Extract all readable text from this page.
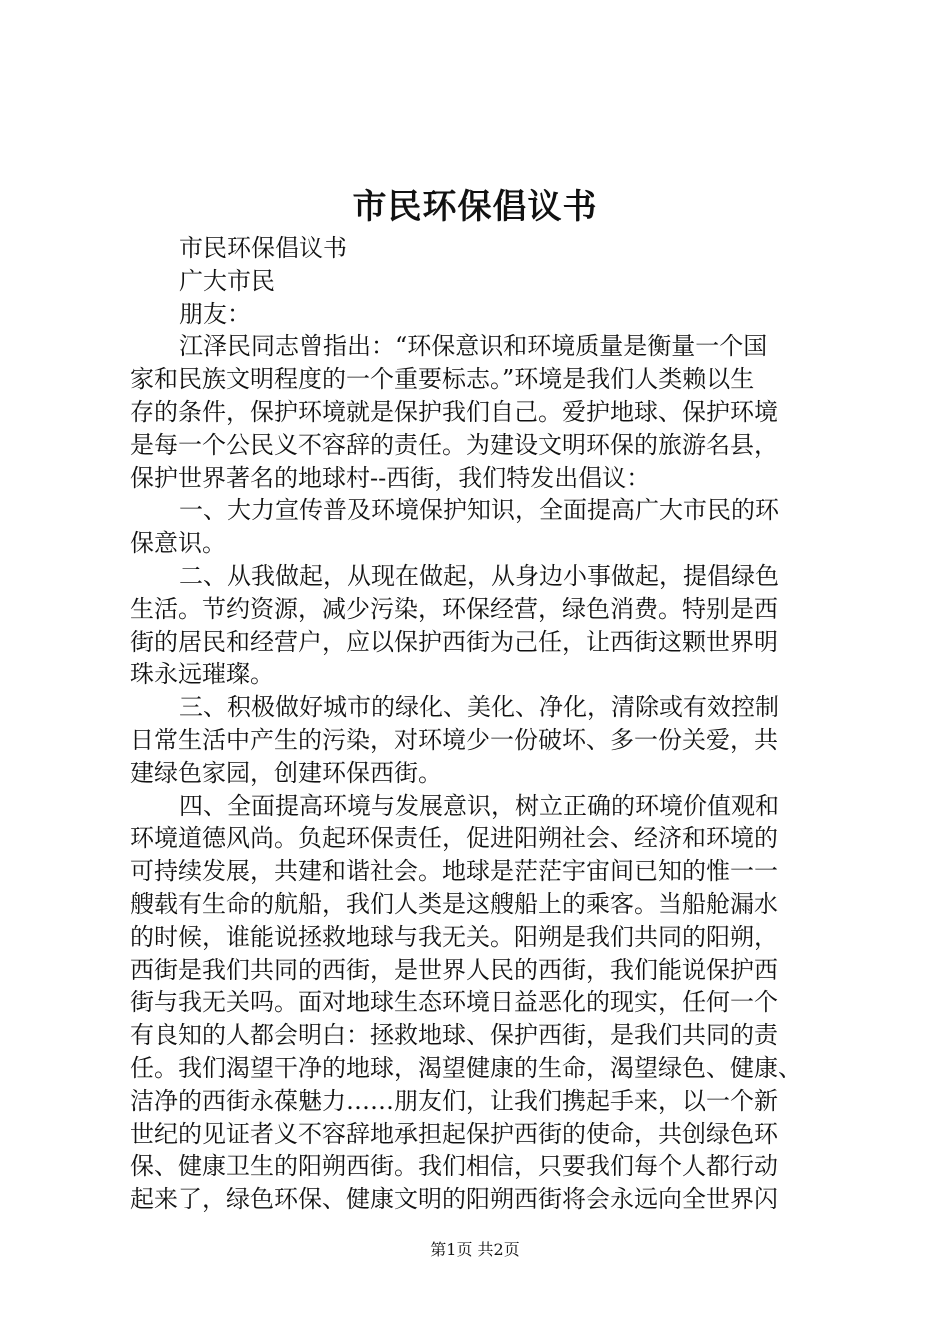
市民环保倡议书
市民环保倡议书
广大市民
朋友：
江泽民同志曾指出：“环保意识和环境质量是衡量一个国
家和民族文明程度的一个重要标志。”环境是我们人类赖以生
存的条件，保护环境就是保护我们自己。爱护地球、保护环境
是每一个公民义不容辞的责任。为建设文明环保的旅游名县，
保护世界著名的地球村--西街，我们特发出倡议：
一、大力宣传普及环境保护知识，全面提高广大市民的环
保意识。
二、从我做起，从现在做起，从身边小事做起，提倡绿色
生活。节约资源，减少污染，环保经营，绿色消费。特别是西
街的居民和经营户，应以保护西街为己任，让西街这颗世界明
珠永远璀璨。
三、积极做好城市的绿化、美化、净化，清除或有效控制
日常生活中产生的污染，对环境少一份破坏、多一份关爱，共
建绿色家园，创建环保西街。
四、全面提高环境与发展意识，树立正确的环境价值观和
环境道德风尚。负起环保责任，促进阳朔社会、经济和环境的
可持续发展，共建和谐社会。地球是茫茫宇宙间已知的惟一一
艘载有生命的航船，我们人类是这艘船上的乘客。当船舱漏水
的时候，谁能说拯救地球与我无关。阳朔是我们共同的阳朔，
西街是我们共同的西街，是世界人民的西街，我们能说保护西
街与我无关吗。面对地球生态环境日益恶化的现实，任何一个
有良知的人都会明白：拯救地球、保护西街，是我们共同的责
任。我们渴望干净的地球，渴望健康的生命，渴望绿色、健康、
洁净的西街永葆魅力……朋友们，让我们携起手来，以一个新
世纪的见证者义不容辞地承担起保护西街的使命，共创绿色环
保、健康卫生的阳朔西街。我们相信，只要我们每个人都行动
起来了，绿色环保、健康文明的阳朔西街将会永远向全世界闪
第1页 共2页
